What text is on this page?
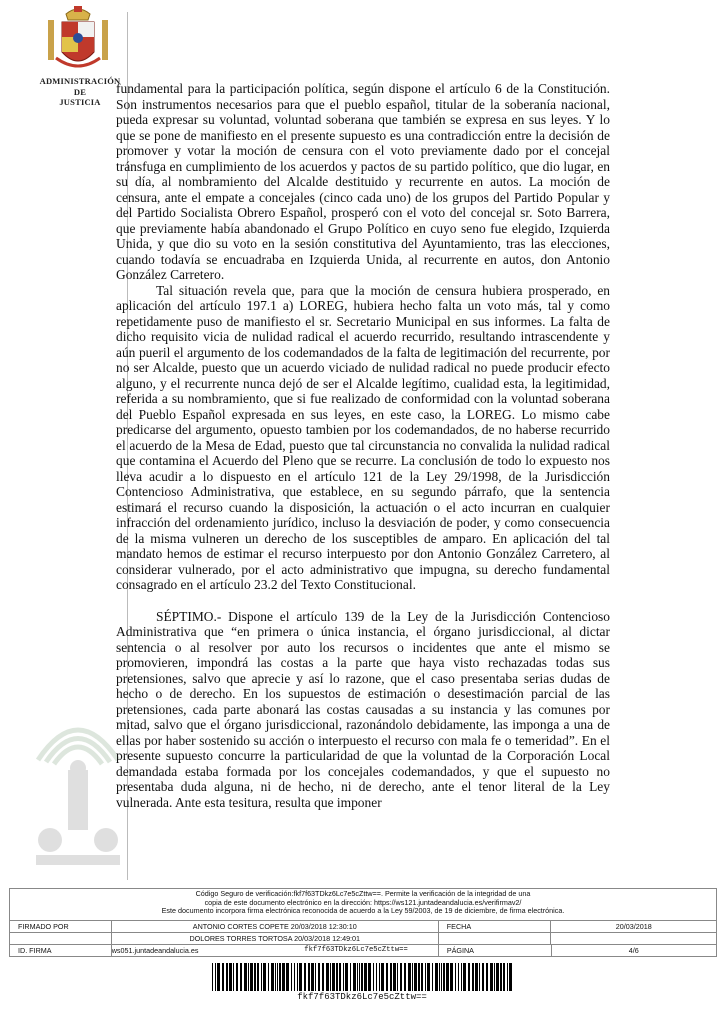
ADMINISTRACIÓN
DE
JUSTICIA

fundamental para la participación política, según dispone el artículo 6 de la Constitución. Son instrumentos necesarios para que el pueblo español, titular de la soberanía nacional, pueda expresar su voluntad, voluntad soberana que también se expresa en sus leyes. Y lo que se pone de manifiesto en el presente supuesto es una contradicción entre la decisión de promover y votar la moción de censura con el voto previamente dado por el concejal tránsfuga en cumplimiento de los acuerdos y pactos de su partido político, que dio lugar, en su día, al nombramiento del Alcalde destituido y recurrente en autos. La moción de censura, ante el empate a concejales (cinco cada uno) de los grupos del Partido Popular y del Partido Socialista Obrero Español, prosperó con el voto del concejal sr. Soto Barrera, que previamente había abandonado el Grupo Político en cuyo seno fue elegido, Izquierda Unida, y que dio su voto en la sesión constitutiva del Ayuntamiento, tras las elecciones, cuando todavía se encuadraba en Izquierda Unida, al recurrente en autos, don Antonio González Carretero.

Tal situación revela que, para que la moción de censura hubiera prosperado, en aplicación del artículo 197.1 a) LOREG, hubiera hecho falta un voto más, tal y como repetidamente puso de manifiesto el sr. Secretario Municipal en sus informes. La falta de dicho requisito vicia de nulidad radical el acuerdo recurrido, resultando intrascendente y aún pueril el argumento de los codemandados de la falta de legitimación del recurrente, por no ser Alcalde, puesto que un acuerdo viciado de nulidad radical no puede producir efecto alguno, y el recurrente nunca dejó de ser el Alcalde legítimo, cualidad esta, la legitimidad, referida a su nombramiento, que si fue realizado de conformidad con la voluntad soberana del Pueblo Español expresada en sus leyes, en este caso, la LOREG. Lo mismo cabe predicarse del argumento, opuesto tambien por los codemandados, de no haberse recurrido el acuerdo de la Mesa de Edad, puesto que tal circunstancia no convalida la nulidad radical que contamina el Acuerdo del Pleno que se recurre. La conclusión de todo lo expuesto nos lleva acudir a lo dispuesto en el artículo 121 de la Ley 29/1998, de la Jurisdicción Contencioso Administrativa, que establece, en su segundo párrafo, que la sentencia estimará el recurso cuando la disposición, la actuación o el acto incurran en cualquier infracción del ordenamiento jurídico, incluso la desviación de poder, y como consecuencia de la misma vulneren un derecho de los susceptibles de amparo. En aplicación del tal mandato hemos de estimar el recurso interpuesto por don Antonio González Carretero, al considerar vulnerado, por el acto administrativo que impugna, su derecho fundamental consagrado en el artículo 23.2 del Texto Constitucional.

SÉPTIMO.- Dispone el artículo 139 de la Ley de la Jurisdicción Contencioso Administrativa que “en primera o única instancia, el órgano jurisdiccional, al dictar sentencia o al resolver por auto los recursos o incidentes que ante el mismo se promovieren, impondrá las costas a la parte que haya visto rechazadas todas sus pretensiones, salvo que aprecie y así lo razone, que el caso presentaba serias dudas de hecho o de derecho. En los supuestos de estimación o desestimación parcial de las pretensiones, cada parte abonará las costas causadas a su instancia y las comunes por mitad, salvo que el órgano jurisdiccional, razonándolo debidamente, las imponga a una de ellas por haber sostenido su acción o interpuesto el recurso con mala fe o temeridad”. En el presente supuesto concurre la particularidad de que la voluntad de la Corporación Local demandada estaba formada por los concejales codemandados, y que el supuesto no presentaba duda alguna, ni de hecho, ni de derecho, ante el tenor literal de la Ley vulnerada. Ante esta tesitura, resulta que imponer

Código Seguro de verificación:fkf7f63TDkz6Lc7e5cZttw==. Permite la verificación de la integridad de una
copia de este documento electrónico en la dirección: https://ws121.juntadeandalucia.es/verifirmav2/
Este documento incorpora firma electrónica reconocida de acuerdo a la Ley 59/2003, de 19 de diciembre, de firma electrónica.
FIRMADO POR	ANTONIO CORTES COPETE 20/03/2018 12:30:10	FECHA	20/03/2018
DOLORES TORRES TORTOSA 20/03/2018 12:49:01
ID. FIRMA	ws051.juntadeandalucia.es	fkf7f63TDkz6Lc7e5cZttw==	PÁGINA	4/6
fkf7f63TDkz6Lc7e5cZttw==
